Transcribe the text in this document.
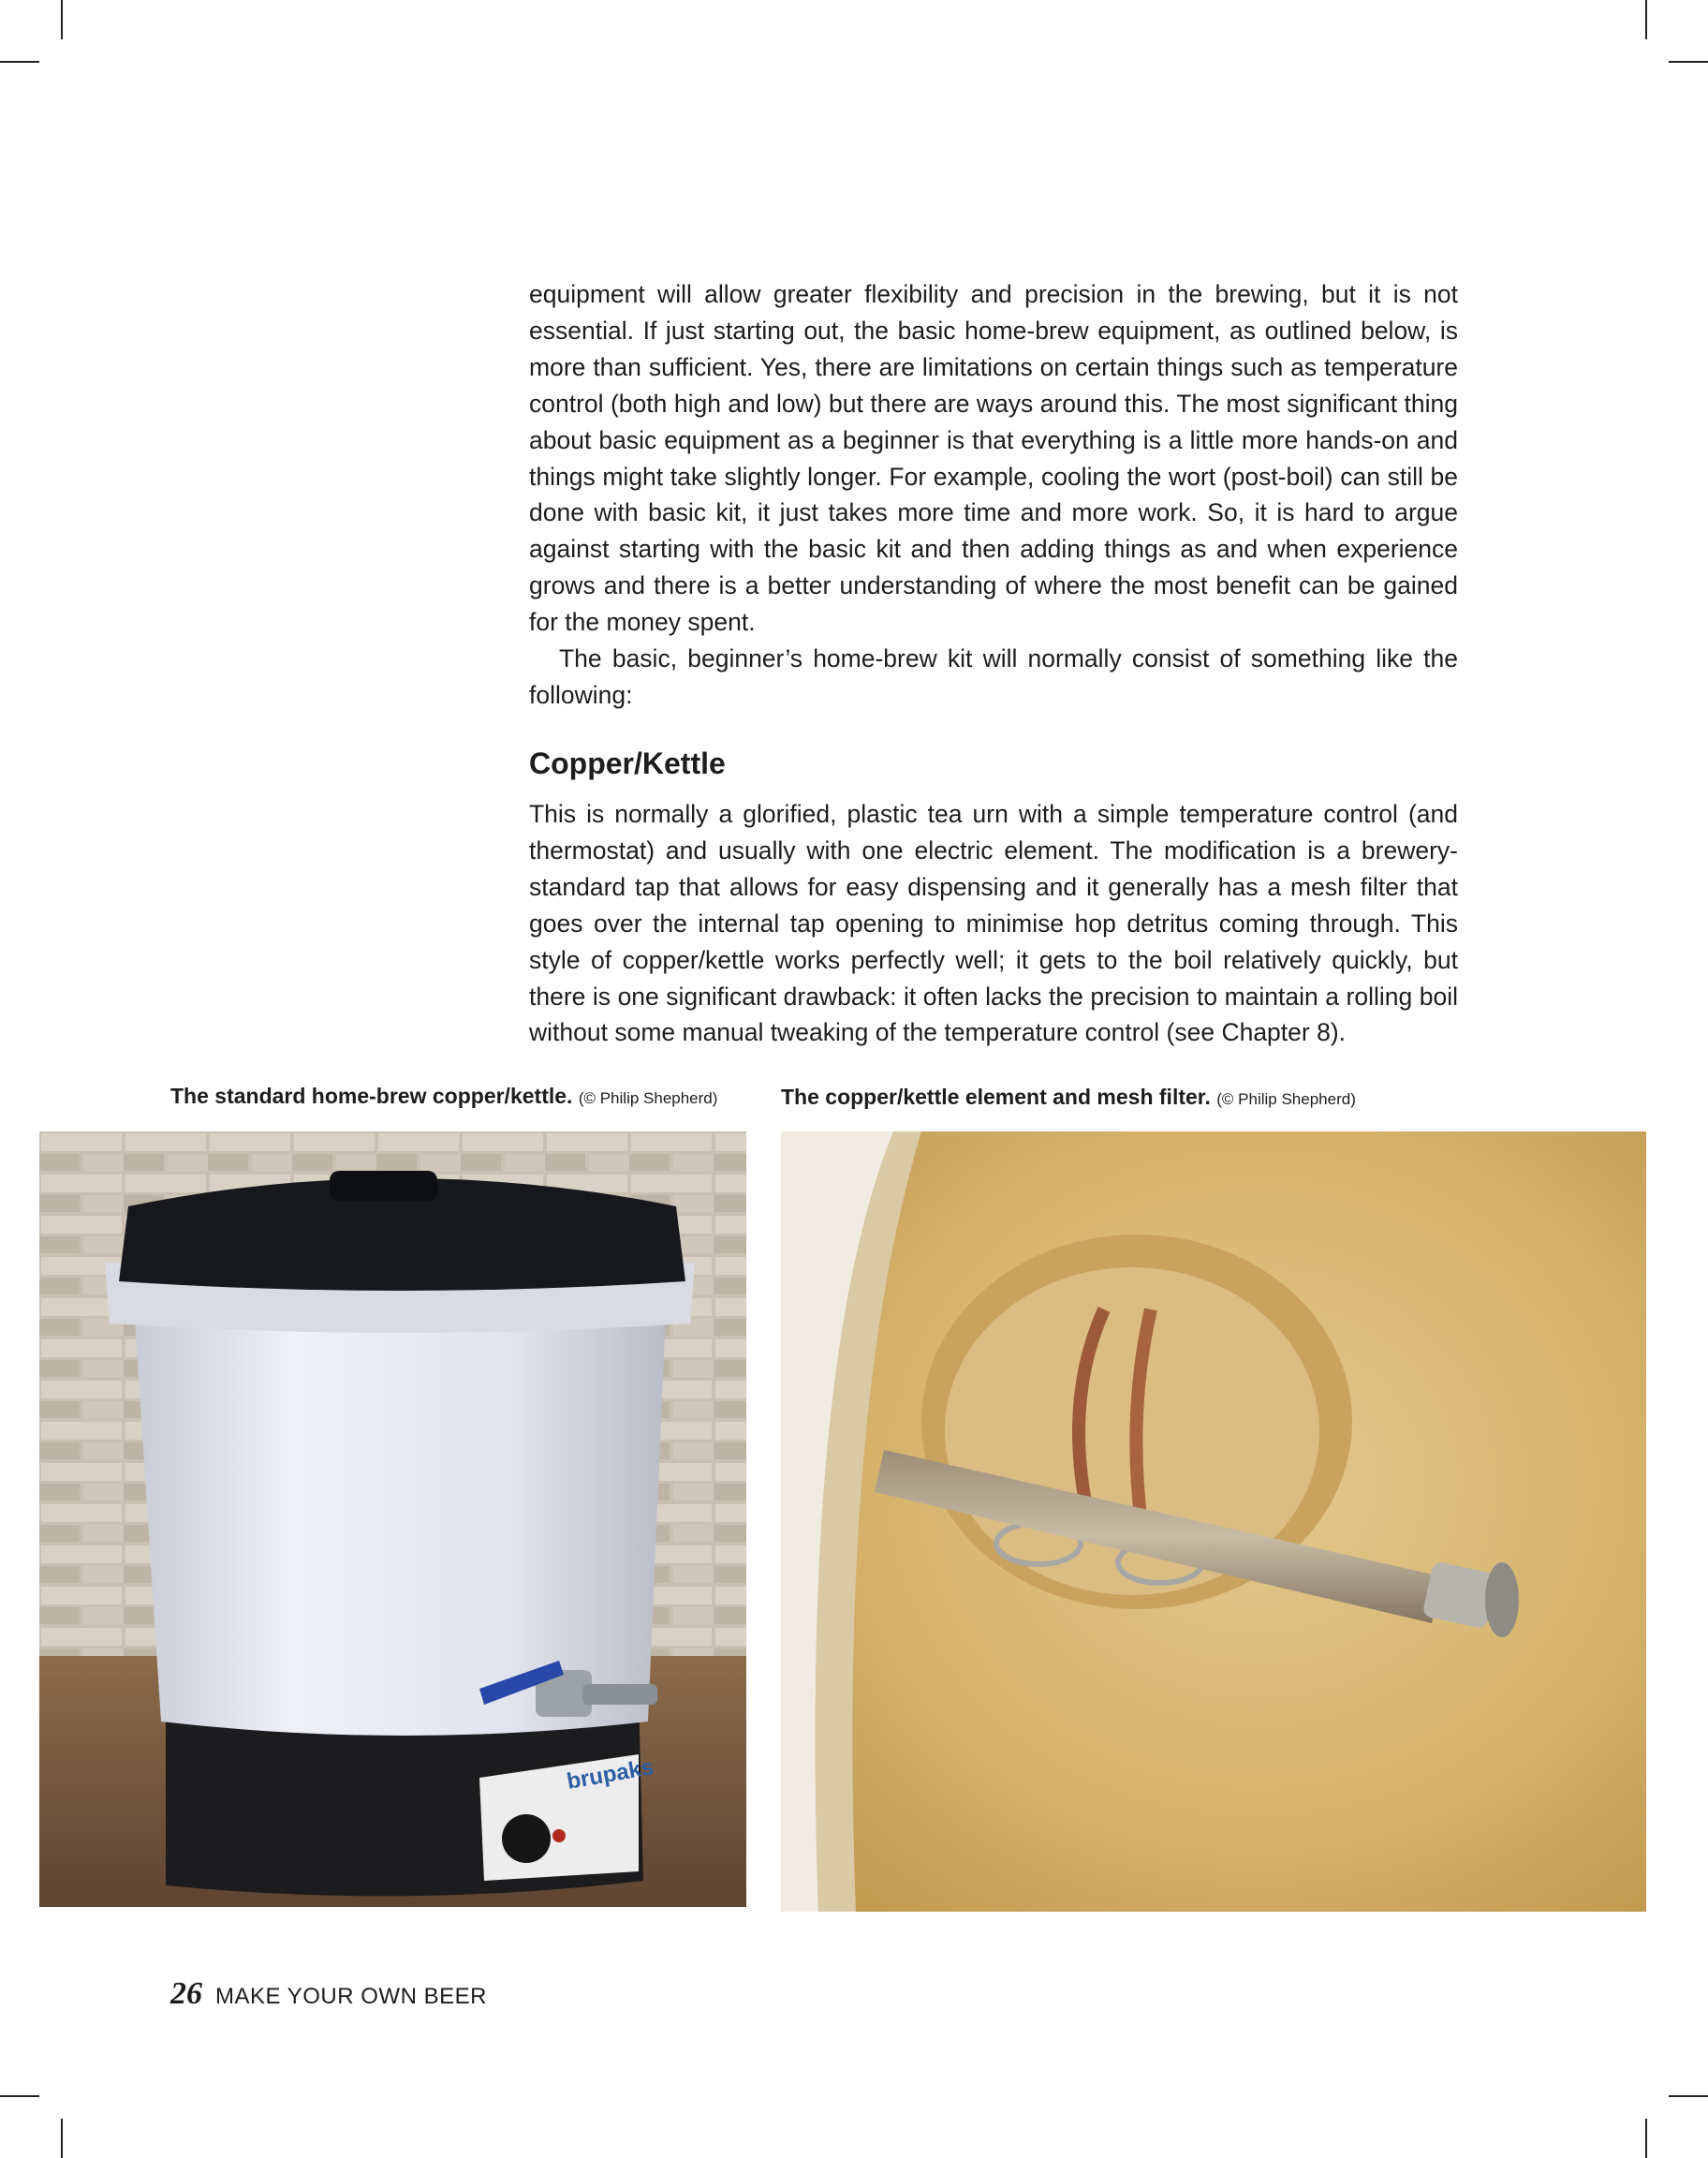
equipment will allow greater flexibility and precision in the brewing, but it is not essential. If just starting out, the basic home-brew equipment, as outlined below, is more than sufficient. Yes, there are limitations on certain things such as temperature control (both high and low) but there are ways around this. The most significant thing about basic equipment as a beginner is that everything is a little more hands-on and things might take slightly longer. For example, cooling the wort (post-boil) can still be done with basic kit, it just takes more time and more work. So, it is hard to argue against starting with the basic kit and then adding things as and when experience grows and there is a better understanding of where the most benefit can be gained for the money spent.

The basic, beginner’s home-brew kit will normally consist of something like the following:

Copper/Kettle

This is normally a glorified, plastic tea urn with a simple temperature control (and thermostat) and usually with one electric element. The modification is a brewery-standard tap that allows for easy dispensing and it generally has a mesh filter that goes over the internal tap opening to minimise hop detritus coming through. This style of copper/kettle works perfectly well; it gets to the boil relatively quickly, but there is one significant drawback: it often lacks the precision to maintain a rolling boil without some manual tweaking of the temperature control (see Chapter 8).

The standard home-brew copper/kettle. (© Philip Shepherd)	The copper/kettle element and mesh filter. (© Philip Shepherd)
brupaks
26 MAKE YOUR OWN BEER
